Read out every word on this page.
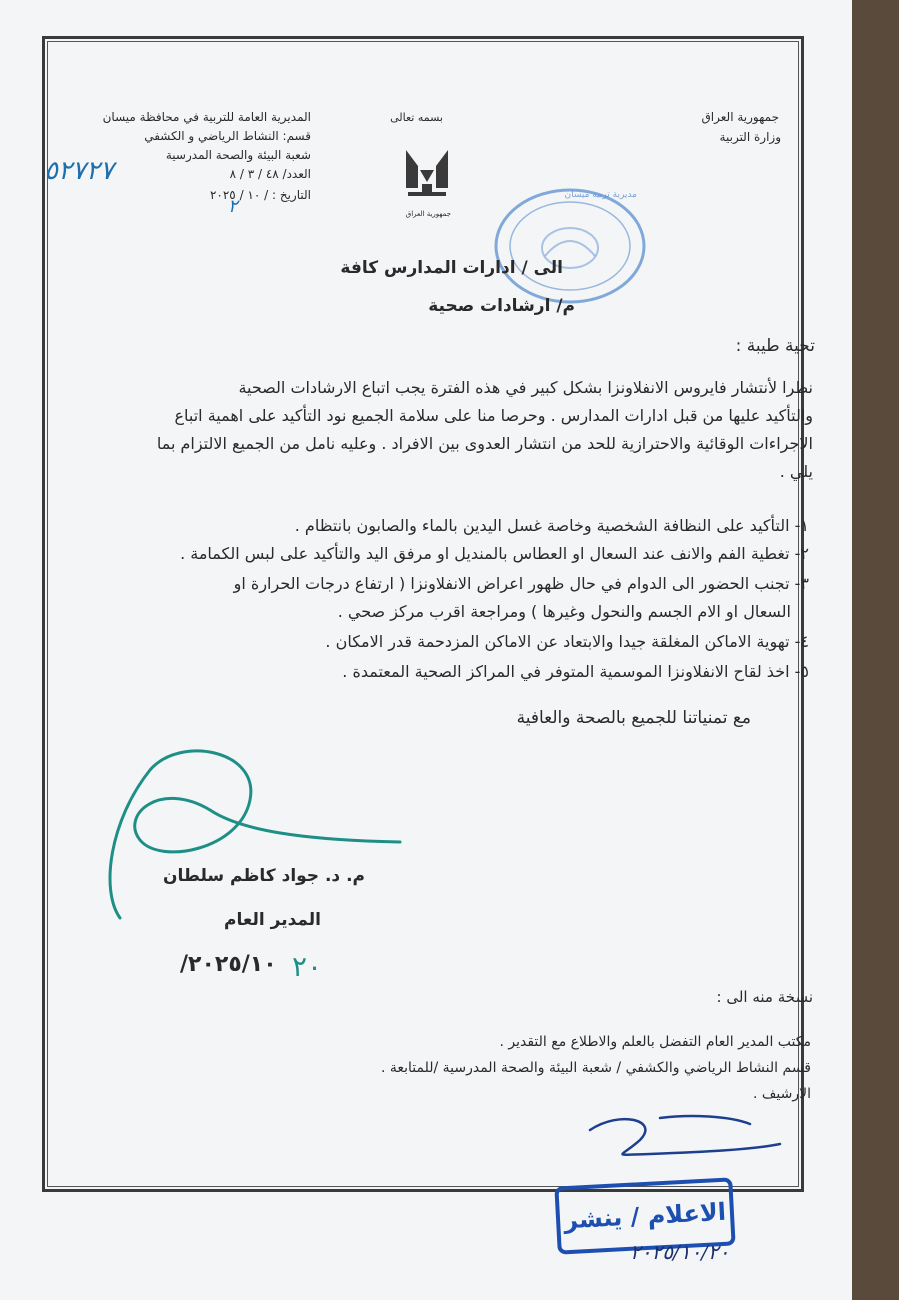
جمهورية العراق
وزارة التربية
بسمه تعالى
جمهورية العراق
المديرية العامة للتربية في محافظة ميسان
قسم: النشاط الرياضي و الكشفي
شعبة البيئة والصحة المدرسية
العدد/ ٤٨ / ٣ / ٨
التاريخ : / ١٠ / ٢٠٢٥
٥٢٧٢٧
٢
مديرية تربية ميسان
الى / ادارات المدارس كافة
م/ ارشادات صحية
تحية طيبة :
نظرا لأنتشار فايروس الانفلاونزا بشكل كبير في هذه الفترة يجب اتباع الارشادات الصحية
والتأكيد عليها من قبل ادارات المدارس . وحرصا منا على سلامة الجميع نود التأكيد على اهمية اتباع
الاجراءات الوقائية والاحترازية للحد من انتشار العدوى بين الافراد . وعليه نامل من الجميع الالتزام بما
يلي .
١- التأكيد على النظافة الشخصية وخاصة غسل اليدين بالماء والصابون بانتظام .
٢- تغطية الفم والانف عند السعال او العطاس بالمنديل او مرفق اليد والتأكيد على لبس الكمامة .
٣- تجنب الحضور الى الدوام في حال ظهور اعراض الانفلاونزا ( ارتفاع درجات الحرارة او
السعال او الام الجسم والنحول وغيرها ) ومراجعة اقرب مركز صحي .
٤- تهوية الاماكن المغلقة جيدا والابتعاد عن الاماكن المزدحمة قدر الامكان .
٥- اخذ لقاح الانفلاونزا الموسمية المتوفر في المراكز الصحية المعتمدة .
مع تمنياتنا للجميع بالصحة والعافية
م. د. جواد كاظم سلطان
المدير العام
٢٠٢٥/١٠/ ٢٠
نسخة منه الى :
مكتب المدير العام التفضل بالعلم والاطلاع مع التقدير .
قسم النشاط الرياضي والكشفي / شعبة البيئة والصحة المدرسية /للمتابعة .
الارشيف .
الاعلام / ينشر
٢٠٢٥/١٠/٢٠
